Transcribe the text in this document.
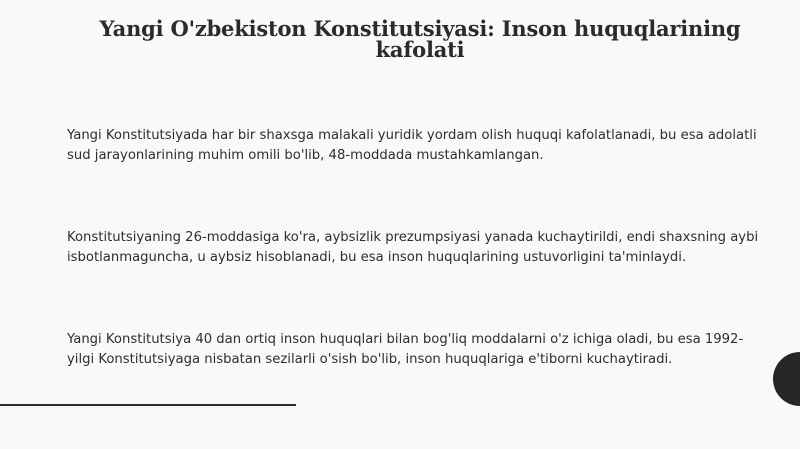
Yangi O'zbekiston Konstitutsiyasi: Inson huquqlarining kafolati

Yangi Konstitutsiyada har bir shaxsga malakali yuridik yordam olish huquqi kafolatlanadi, bu esa adolatli sud jarayonlarining muhim omili bo'lib, 48-moddada mustahkamlangan.

Konstitutsiyaning 26-moddasiga ko'ra, aybsizlik prezumpsiyasi yanada kuchaytirildi, endi shaxsning aybi isbotlanmaguncha, u aybsiz hisoblanadi, bu esa inson huquqlarining ustuvorligini ta'minlaydi.

Yangi Konstitutsiya 40 dan ortiq inson huquqlari bilan bog'liq moddalarni o'z ichiga oladi, bu esa 1992-yilgi Konstitutsiyaga nisbatan sezilarli o'sish bo'lib, inson huquqlariga e'tiborni kuchaytiradi.
